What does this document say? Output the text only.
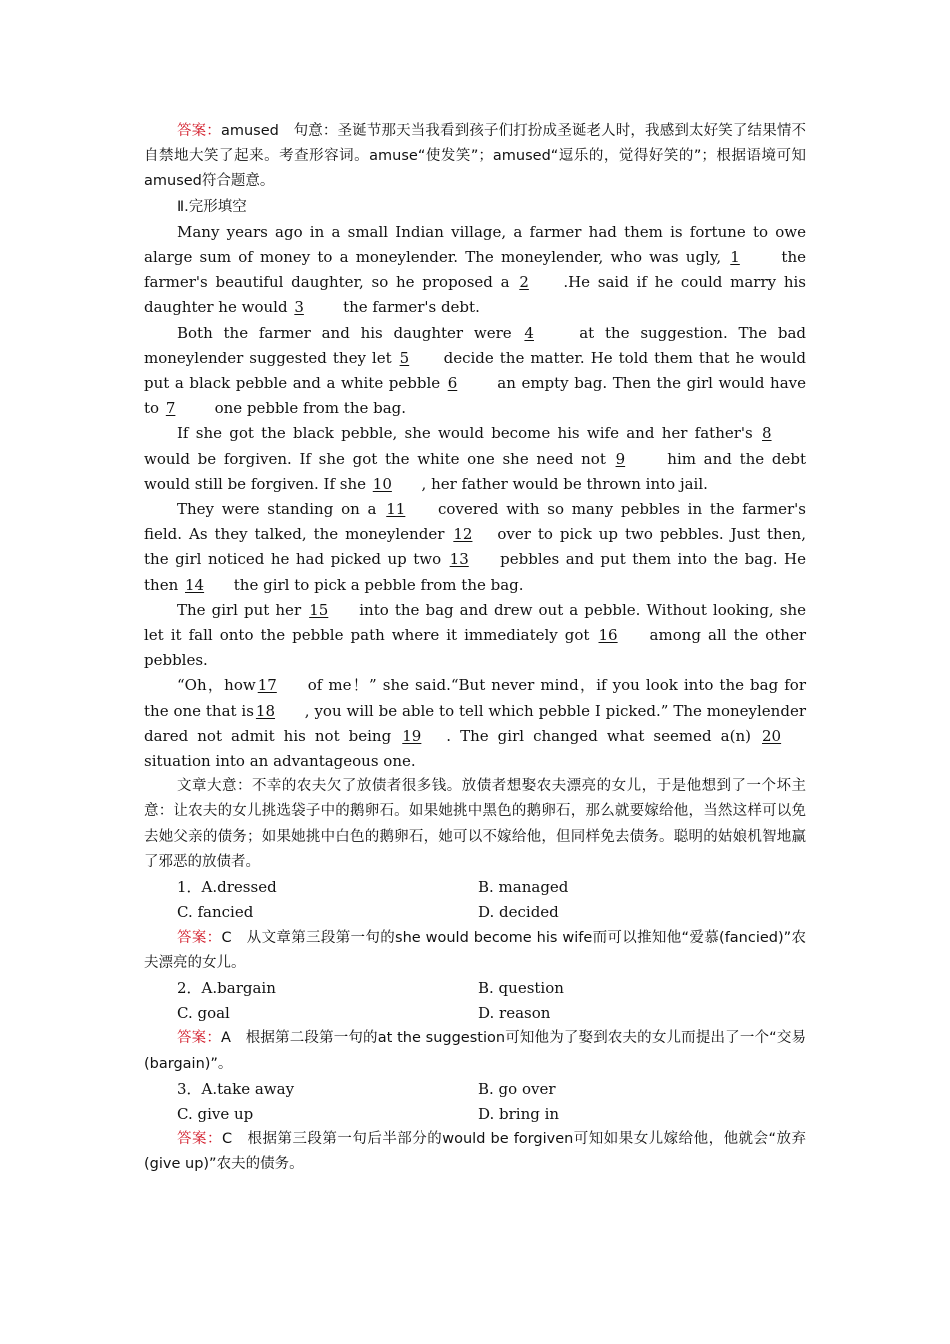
答案：amused　句意：圣诞节那天当我看到孩子们打扮成圣诞老人时，我感到太好笑了结果情不自禁地大笑了起来。考查形容词。amuse“使发笑”；amused“逗乐的，觉得好笑的”；根据语境可知amused符合题意。

Ⅱ.完形填空

Many years ago in a small Indian village, a farmer had them is fortune to owe alarge sum of money to a moneylender. The moneylender, who was ugly, 1 the farmer's beautiful daughter, so he proposed a 2 .He said if he could marry his daughter he would 3 the farmer's debt.

Both the farmer and his daughter were 4 at the suggestion. The bad moneylender suggested they let 5 decide the matter. He told them that he would put a black pebble and a white pebble 6 an empty bag. Then the girl would have to 7 one pebble from the bag.

If she got the black pebble, she would become his wife and her father's 8 would be forgiven. If she got the white one she need not 9 him and the debt would still be forgiven. If she 10 , her father would be thrown into jail.

They were standing on a 11 covered with so many pebbles in the farmer's field. As they talked, the moneylender 12 over to pick up two pebbles. Just then, the girl noticed he had picked up two 13 pebbles and put them into the bag. He then 14 the girl to pick a pebble from the bag.

The girl put her 15 into the bag and drew out a pebble. Without looking, she let it fall onto the pebble path where it immediately got 16 among all the other pebbles.

“Oh，how 17 of me！” she said.“But never mind，if you look into the bag for the one that is 18 , you will be able to tell which pebble I picked.” The moneylender dared not admit his not being 19 . The girl changed what seemed a(n) 20 situation into an advantageous one.

文章大意：不幸的农夫欠了放债者很多钱。放债者想娶农夫漂亮的女儿，于是他想到了一个坏主意：让农夫的女儿挑选袋子中的鹅卵石。如果她挑中黑色的鹅卵石，那么就要嫁给他，当然这样可以免去她父亲的债务；如果她挑中白色的鹅卵石，她可以不嫁给他，但同样免去债务。聪明的姑娘机智地赢了邪恶的放债者。

1．A.dressed	B. managed
C. fancied	D. decided

答案：C　从文章第三段第一句的she would become his wife而可以推知他“爱慕(fancied)”农夫漂亮的女儿。

2．A.bargain	B. question
C. goal	D. reason

答案：A　根据第二段第一句的at the suggestion可知他为了娶到农夫的女儿而提出了一个“交易(bargain)”。

3．A.take away	B. go over
C. give up	D. bring in

答案：C　根据第三段第一句后半部分的would be forgiven可知如果女儿嫁给他，他就会“放弃(give up)”农夫的债务。
